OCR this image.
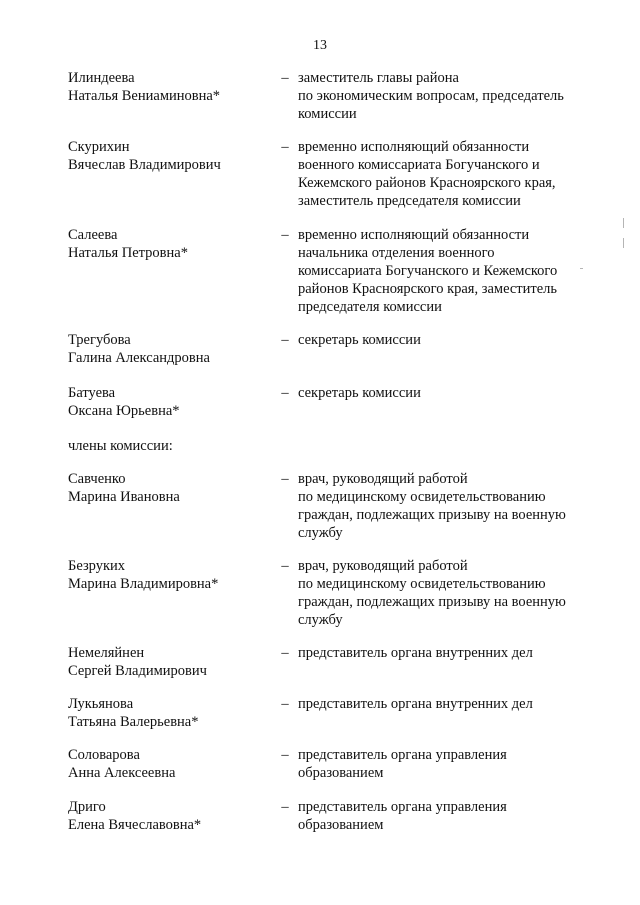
13
Илиндеева
Наталья Вениаминовна*
– заместитель главы района
по экономическим вопросам, председатель
комиссии
Скурихин
Вячеслав Владимирович
– временно исполняющий обязанности
военного комиссариата Богучанского и
Кежемского районов Красноярского края,
заместитель председателя комиссии
Салеева
Наталья Петровна*
– временно исполняющий обязанности
начальника отделения военного
комиссариата Богучанского и Кежемского
районов Красноярского края, заместитель
председателя комиссии
Трегубова
Галина Александровна
– секретарь комиссии
Батуева
Оксана Юрьевна*
– секретарь комиссии
члены комиссии:
Савченко
Марина Ивановна
– врач, руководящий работой
по медицинскому освидетельствованию
граждан, подлежащих призыву на военную
службу
Безруких
Марина Владимировна*
– врач, руководящий работой
по медицинскому освидетельствованию
граждан, подлежащих призыву на военную
службу
Немеляйнен
Сергей Владимирович
– представитель органа внутренних дел
Лукьянова
Татьяна Валерьевна*
– представитель органа внутренних дел
Соловарова
Анна Алексеевна
– представитель органа управления
образованием
Дриго
Елена Вячеславовна*
– представитель органа управления
образованием
